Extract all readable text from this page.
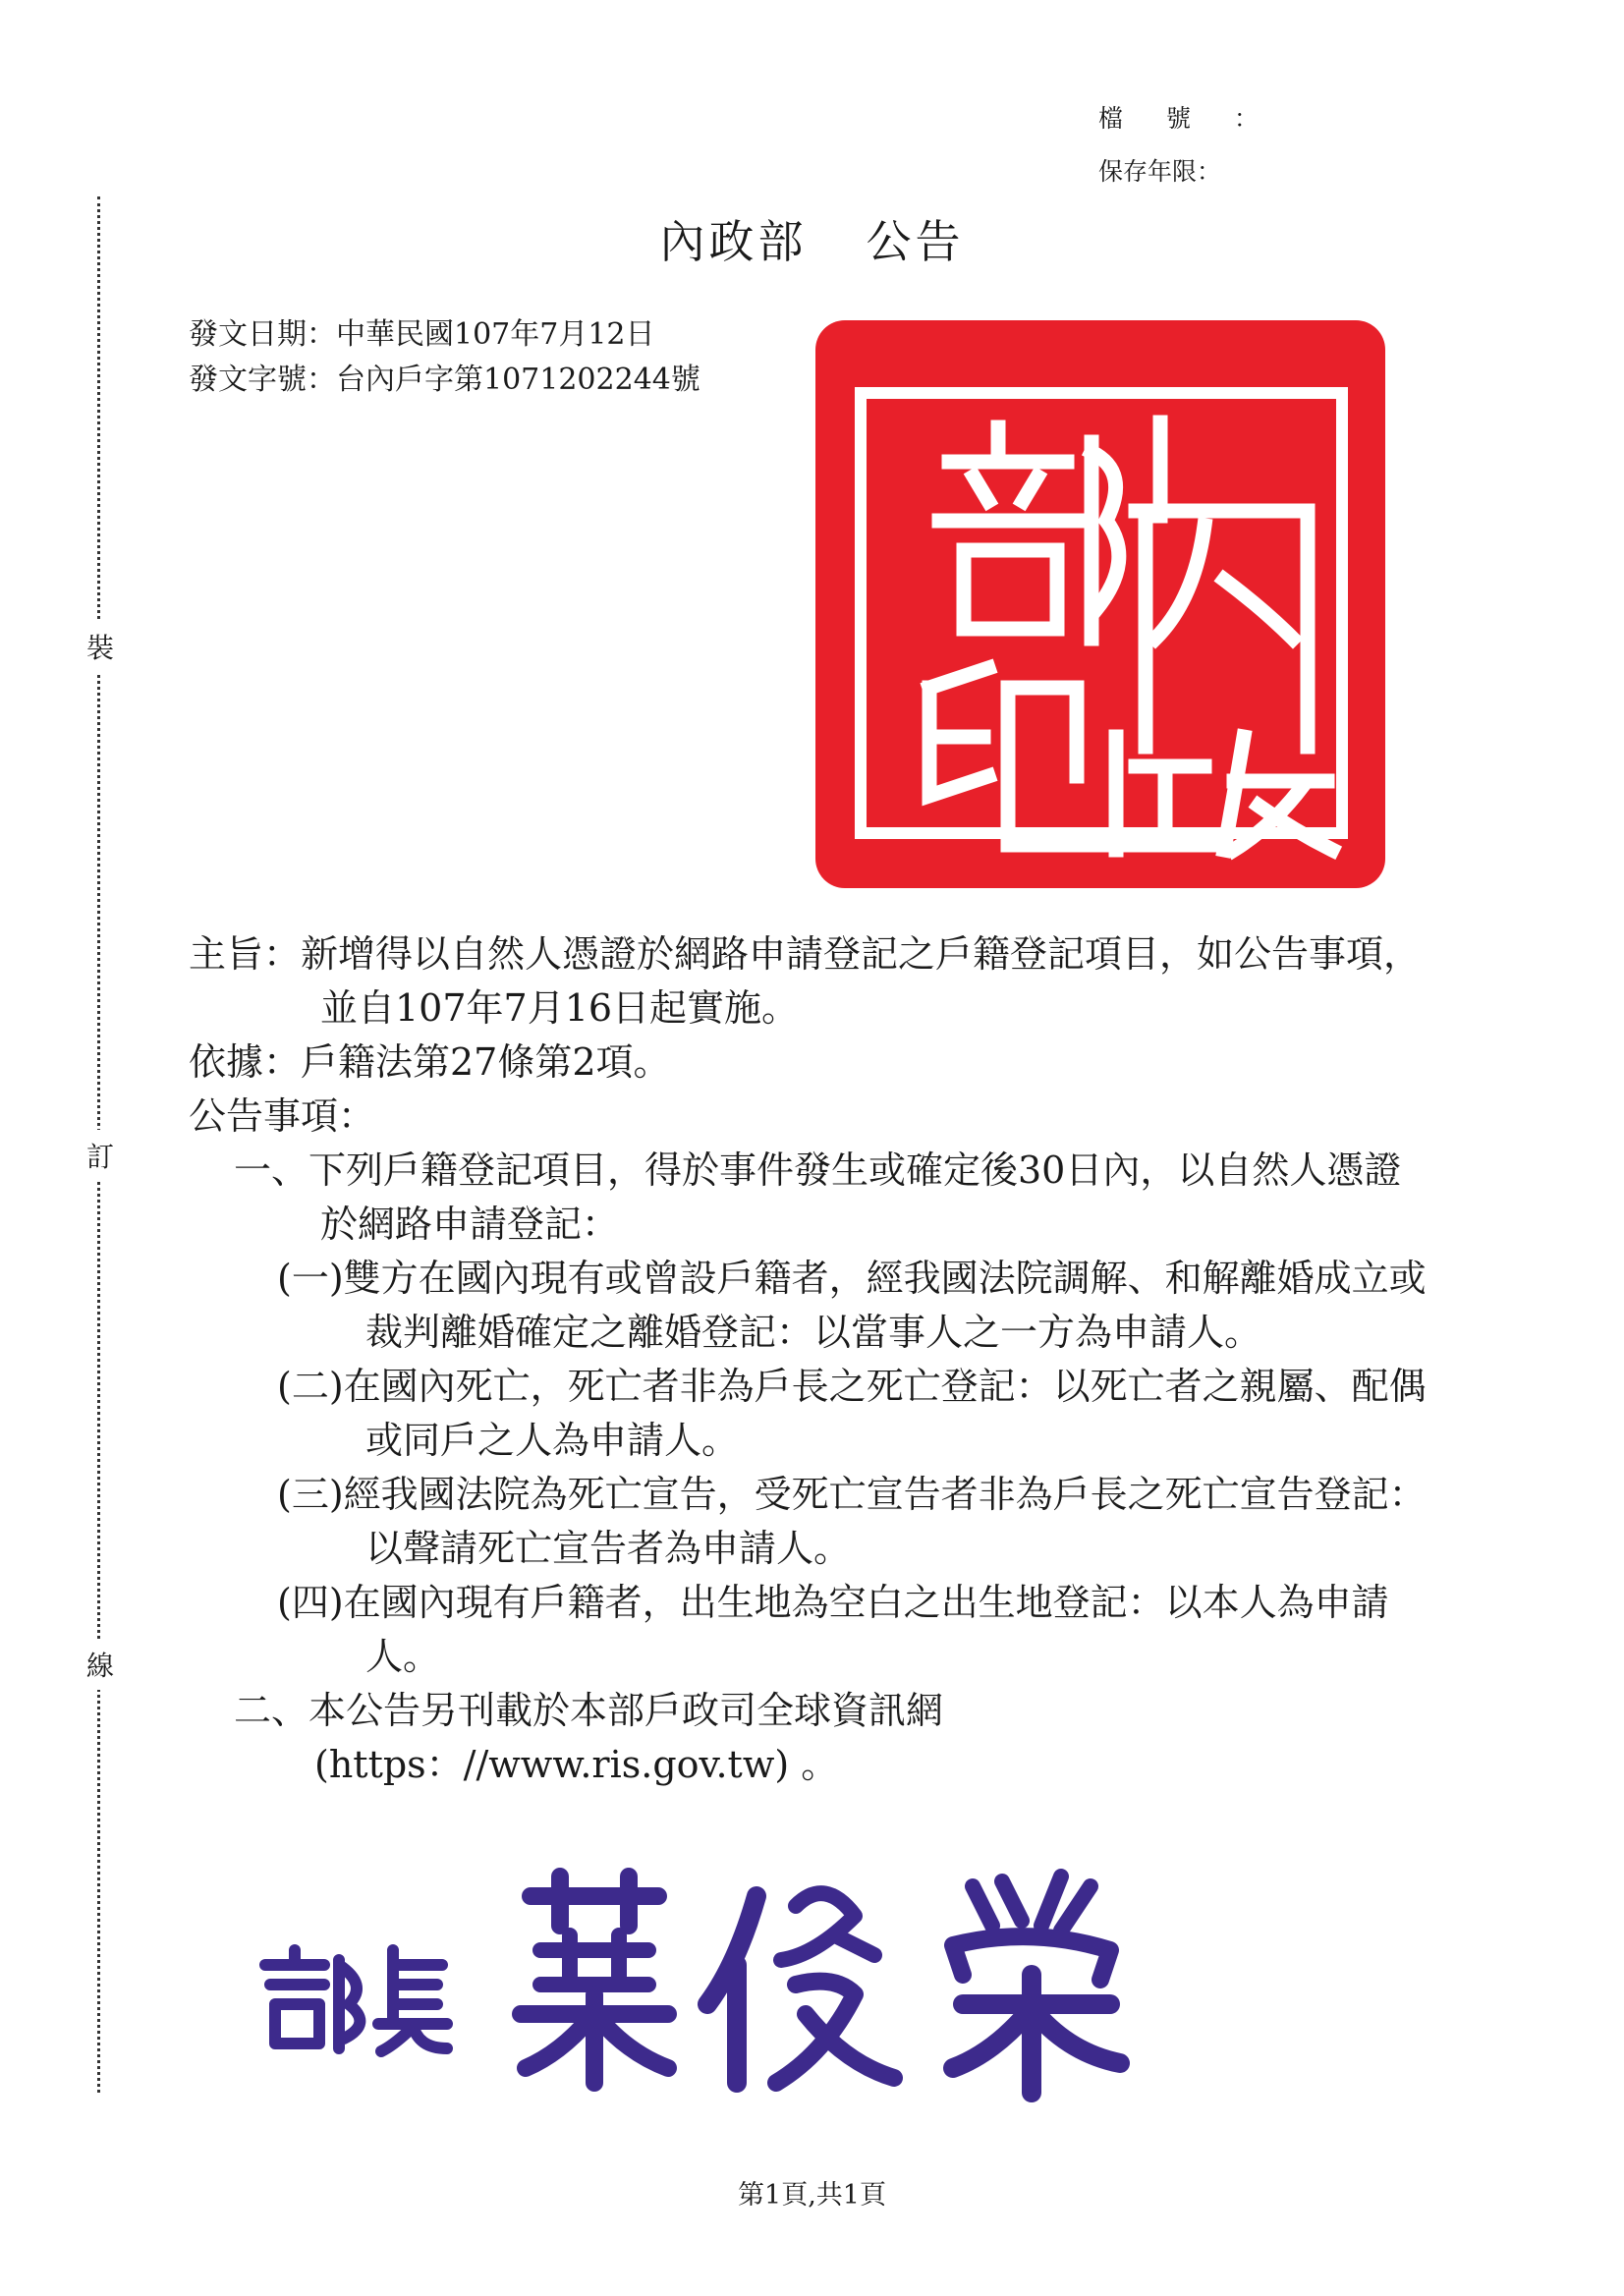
檔號：
保存年限：
裝
訂
線
內政部 公告
發文日期：中華民國107年7月12日
發文字號：台內戶字第1071202244號
內政部印
主旨：新增得以自然人憑證於網路申請登記之戶籍登記項目，如公告事項，並自107年7月16日起實施。
依據：戶籍法第27條第2項。
公告事項：
一、下列戶籍登記項目，得於事件發生或確定後30日內，以自然人憑證於網路申請登記：
(一)雙方在國內現有或曾設戶籍者，經我國法院調解、和解離婚成立或裁判離婚確定之離婚登記：以當事人之一方為申請人。
(二)在國內死亡，死亡者非為戶長之死亡登記：以死亡者之親屬、配偶或同戶之人為申請人。
(三)經我國法院為死亡宣告，受死亡宣告者非為戶長之死亡宣告登記：以聲請死亡宣告者為申請人。
(四)在國內現有戶籍者，出生地為空白之出生地登記：以本人為申請人。
二、本公告另刊載於本部戶政司全球資訊網
(https：//www.ris.gov.tw) 。
部長葉俊榮
第1頁,共1頁
